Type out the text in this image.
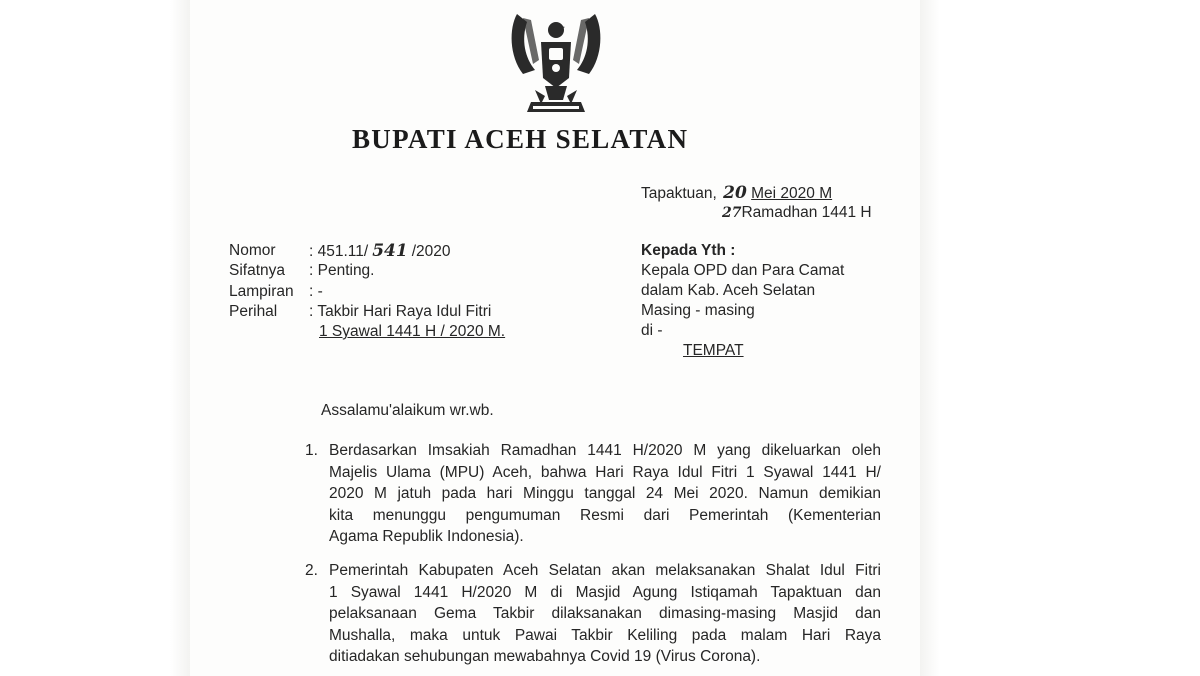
BUPATI ACEH SELATAN
Tapaktuan, 20 Mei 2020 M
27Ramadhan 1441 H
Nomor : 451.11/ 541 /2020
Sifatnya : Penting.
Lampiran : -
Perihal : Takbir Hari Raya Idul Fitri
1 Syawal 1441 H / 2020 M.
Kepada Yth :
Kepala OPD dan Para Camat
dalam Kab. Aceh Selatan
Masing - masing
di -
TEMPAT
Assalamu'alaikum wr.wb.
1. Berdasarkan Imsakiah Ramadhan 1441 H/2020 M yang dikeluarkan oleh
Majelis Ulama (MPU) Aceh, bahwa Hari Raya Idul Fitri 1 Syawal 1441 H/
2020 M jatuh pada hari Minggu tanggal 24 Mei 2020. Namun demikian
kita menunggu pengumuman Resmi dari Pemerintah (Kementerian
Agama Republik Indonesia).
2. Pemerintah Kabupaten Aceh Selatan akan melaksanakan Shalat Idul Fitri
1 Syawal 1441 H/2020 M di Masjid Agung Istiqamah Tapaktuan dan
pelaksanaan Gema Takbir dilaksanakan dimasing-masing Masjid dan
Mushalla, maka untuk Pawai Takbir Keliling pada malam Hari Raya
ditiadakan sehubungan mewabahnya Covid 19 (Virus Corona).
